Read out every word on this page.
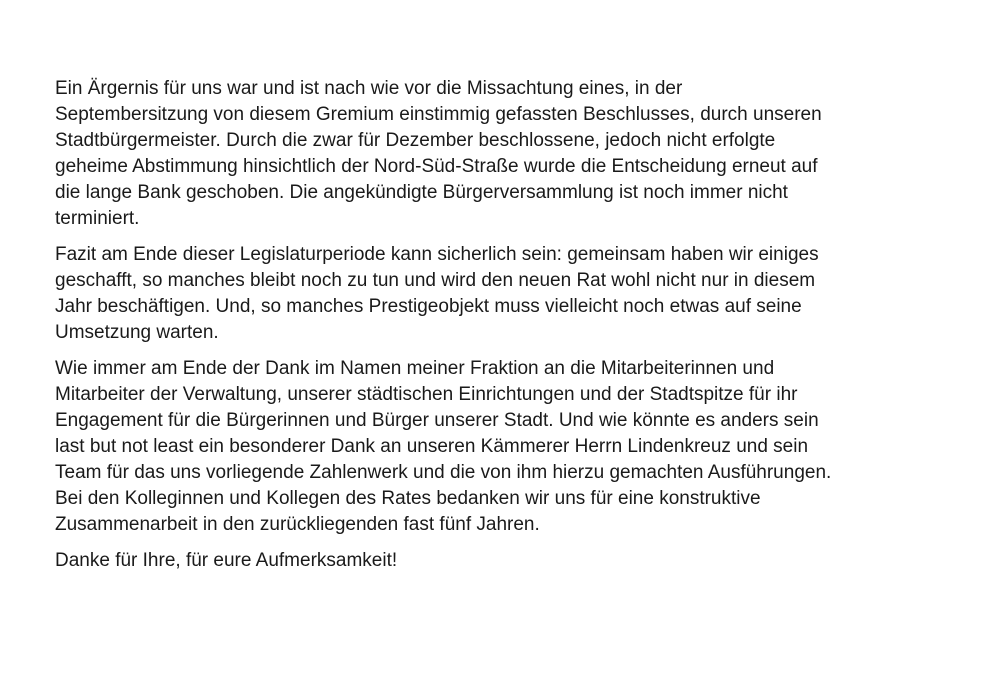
Ein Ärgernis für uns war und ist nach wie vor die Missachtung eines, in der
Septembersitzung von diesem Gremium einstimmig gefassten Beschlusses, durch unseren
Stadtbürgermeister. Durch die zwar für Dezember beschlossene, jedoch nicht erfolgte
geheime Abstimmung hinsichtlich der Nord-Süd-Straße wurde die Entscheidung erneut auf
die lange Bank geschoben. Die angekündigte Bürgerversammlung ist noch immer nicht
terminiert.

Fazit am Ende dieser Legislaturperiode kann sicherlich sein: gemeinsam haben wir einiges
geschafft, so manches bleibt noch zu tun und wird den neuen Rat wohl nicht nur in diesem
Jahr beschäftigen. Und, so manches Prestigeobjekt muss vielleicht noch etwas auf seine
Umsetzung warten.

Wie immer am Ende der Dank im Namen meiner Fraktion an die Mitarbeiterinnen und
Mitarbeiter der Verwaltung, unserer städtischen Einrichtungen und der Stadtspitze für ihr
Engagement für die Bürgerinnen und Bürger unserer Stadt. Und wie könnte es anders sein
last but not least ein besonderer Dank an unseren Kämmerer Herrn Lindenkreuz und sein
Team für das uns vorliegende Zahlenwerk und die von ihm hierzu gemachten Ausführungen.
Bei den Kolleginnen und Kollegen des Rates bedanken wir uns für eine konstruktive
Zusammenarbeit in den zurückliegenden fast fünf Jahren.

Danke für Ihre, für eure Aufmerksamkeit!
